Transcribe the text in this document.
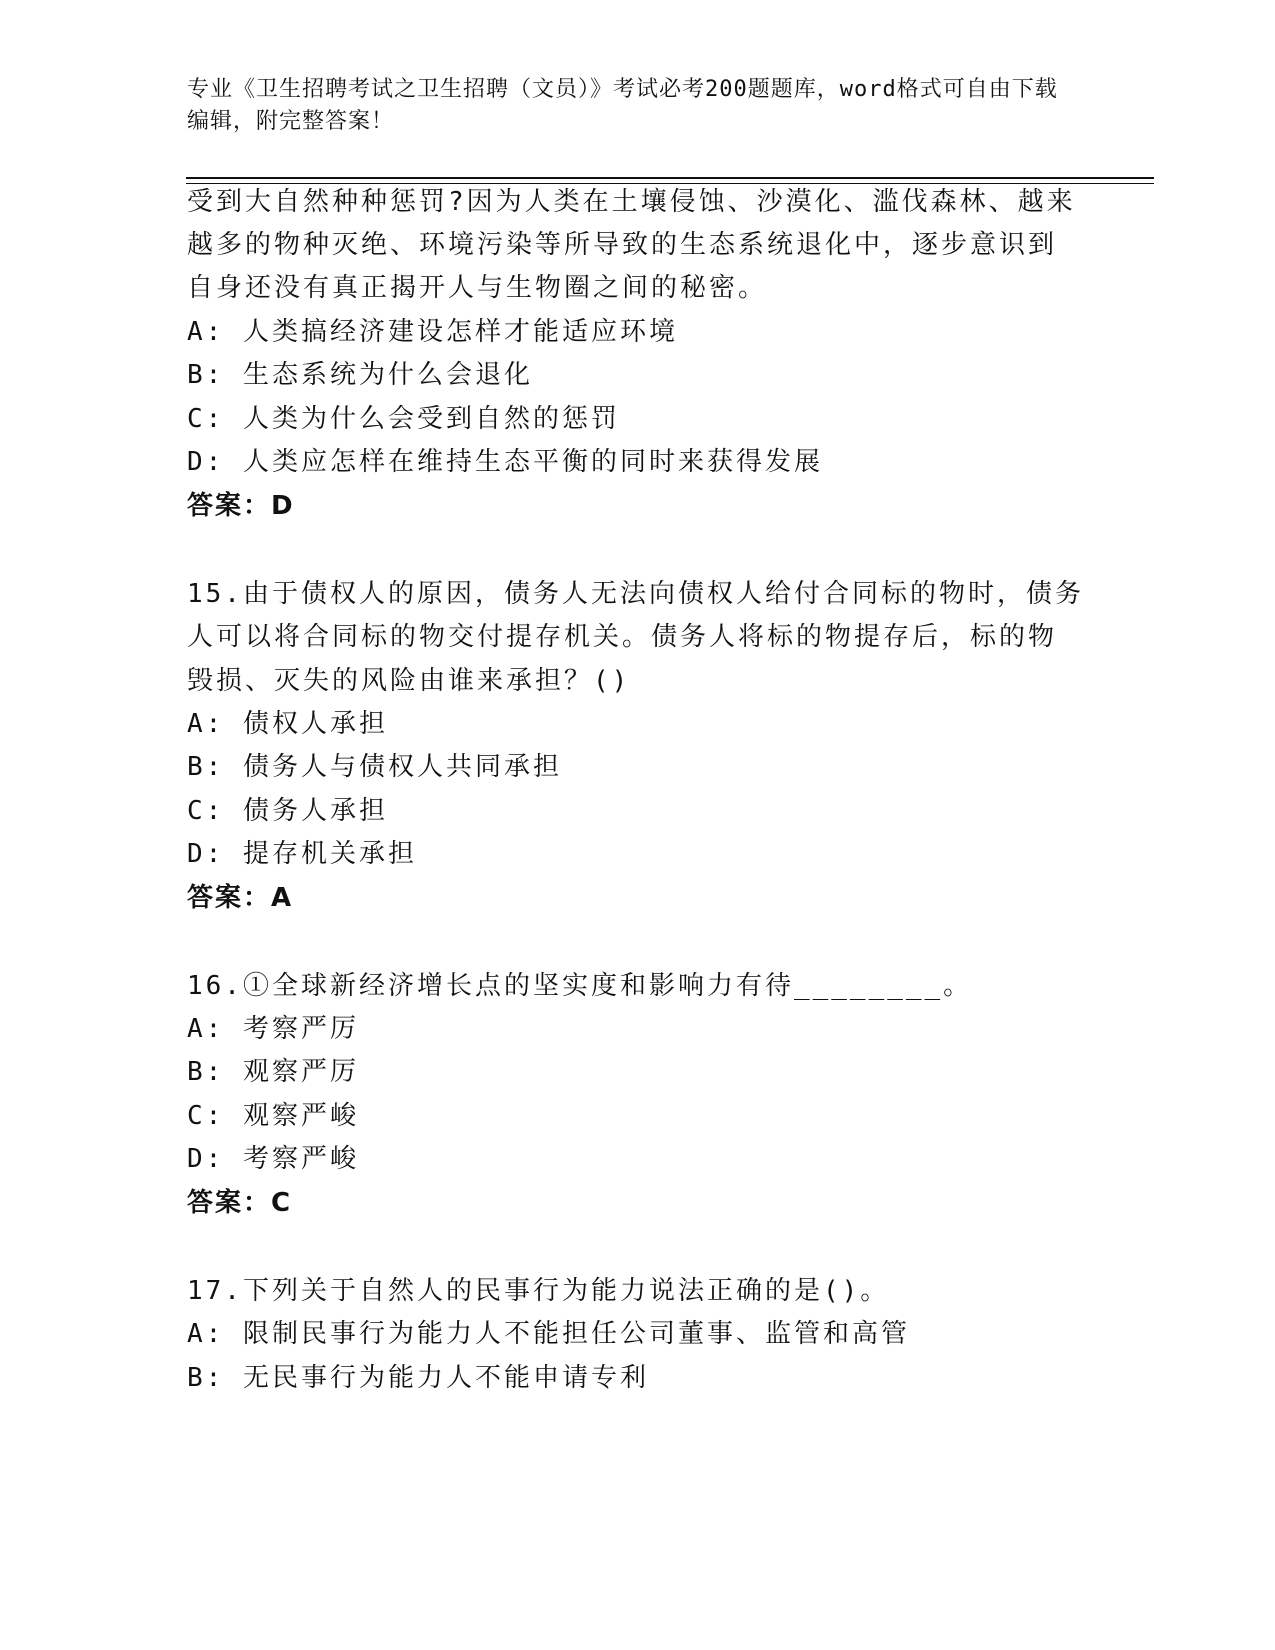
专业《卫生招聘考试之卫生招聘（文员）》考试必考200题题库，word格式可自由下载编辑，附完整答案！
受到大自然种种惩罚?因为人类在土壤侵蚀、沙漠化、滥伐森林、越来
越多的物种灭绝、环境污染等所导致的生态系统退化中，逐步意识到
自身还没有真正揭开人与生物圈之间的秘密。
A: 人类搞经济建设怎样才能适应环境
B: 生态系统为什么会退化
C: 人类为什么会受到自然的惩罚
D: 人类应怎样在维持生态平衡的同时来获得发展
答案：D
15.由于债权人的原因，债务人无法向债权人给付合同标的物时，债务
人可以将合同标的物交付提存机关。债务人将标的物提存后，标的物
毁损、灭失的风险由谁来承担？()
A: 债权人承担
B: 债务人与债权人共同承担
C: 债务人承担
D: 提存机关承担
答案：A
16.①全球新经济增长点的坚实度和影响力有待________。
A: 考察严厉
B: 观察严厉
C: 观察严峻
D: 考察严峻
答案：C
17.下列关于自然人的民事行为能力说法正确的是()。
A: 限制民事行为能力人不能担任公司董事、监管和高管
B: 无民事行为能力人不能申请专利
